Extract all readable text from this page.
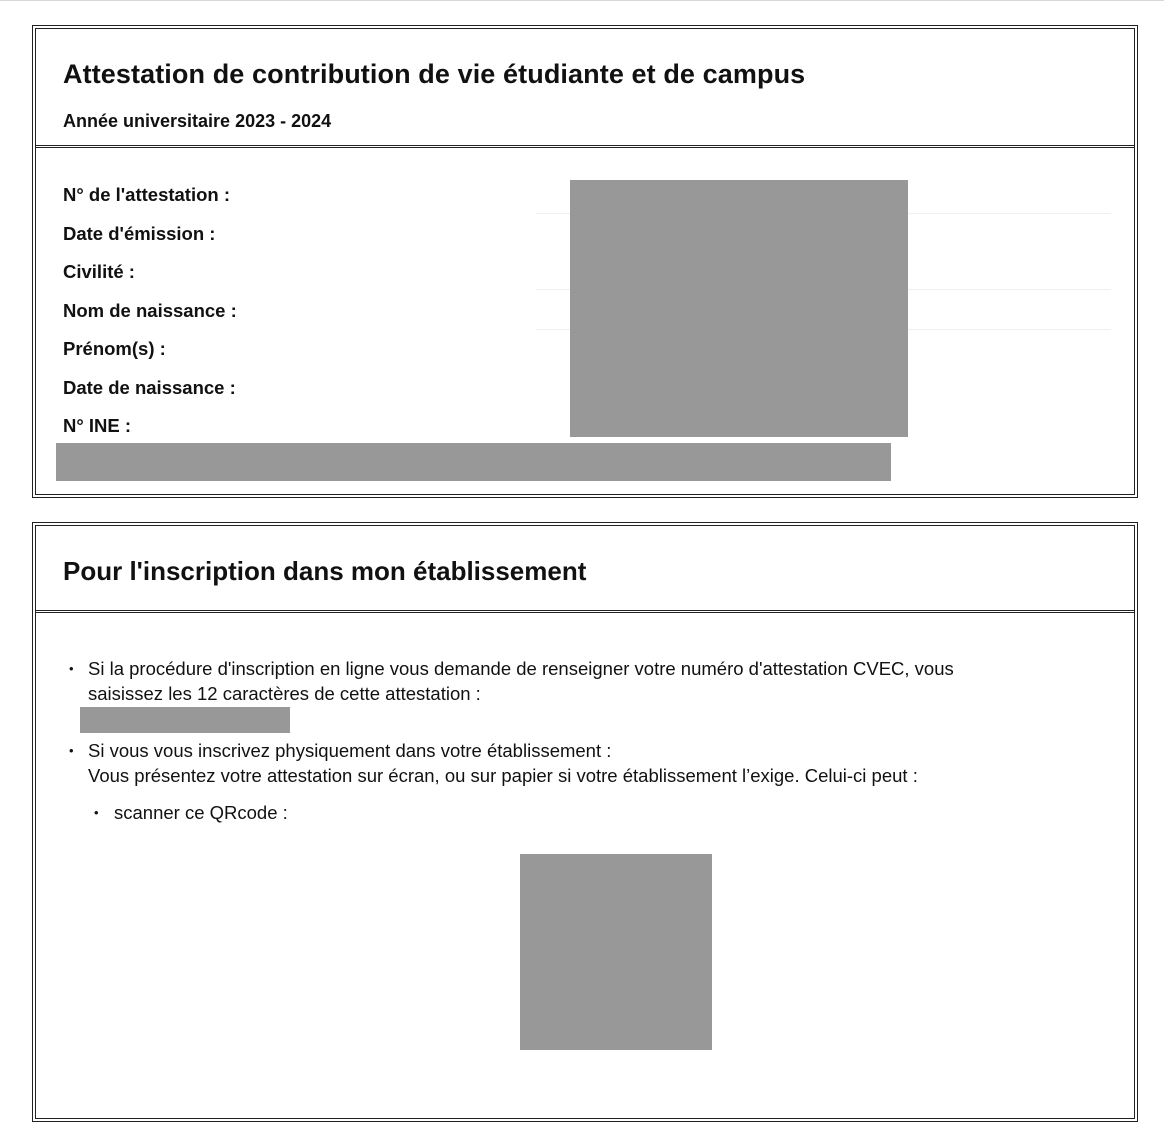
Attestation de contribution de vie étudiante et de campus
Année universitaire 2023 - 2024
N° de l'attestation :
Date d'émission :
Civilité :
Nom de naissance :
Prénom(s) :
Date de naissance :
N° INE :
Pour l'inscription dans mon établissement
• Si la procédure d'inscription en ligne vous demande de renseigner votre numéro d'attestation CVEC, vous
saisissez les 12 caractères de cette attestation :
• Si vous vous inscrivez physiquement dans votre établissement :
Vous présentez votre attestation sur écran, ou sur papier si votre établissement l’exige. Celui-ci peut :
• scanner ce QRcode :
